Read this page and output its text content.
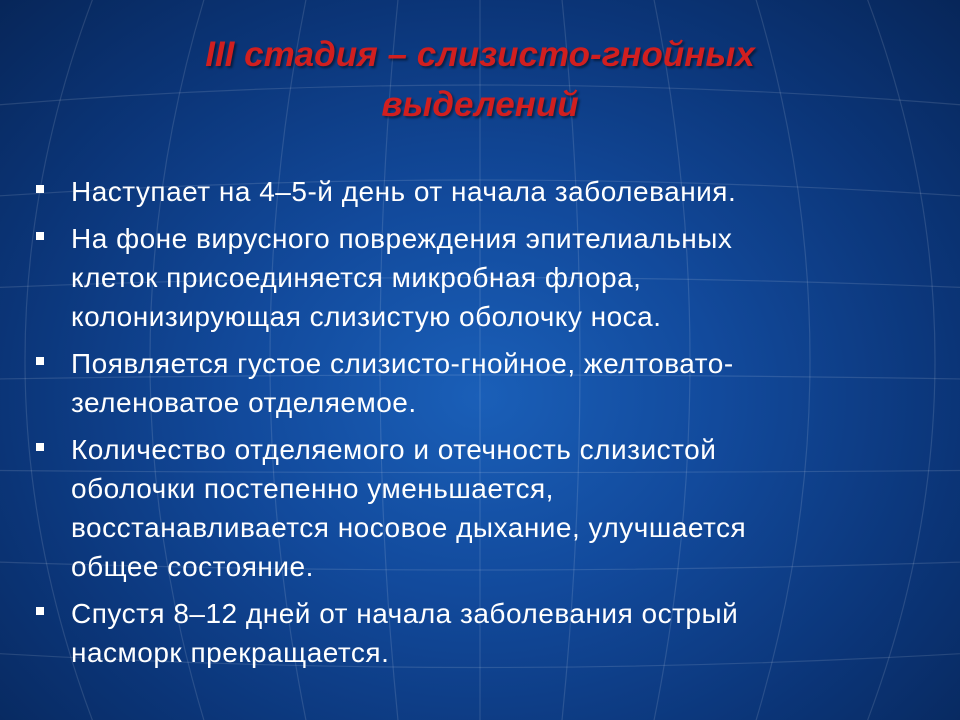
III стадия – слизисто-гнойных
выделений
Наступает на 4–5-й день от начала заболевания.
На фоне вирусного повреждения эпителиальных
клеток присоединяется микробная флора,
колонизирующая слизистую оболочку носа.
Появляется густое слизисто-гнойное, желтовато-
зеленоватое отделяемое.
Количество отделяемого и отечность слизистой
оболочки постепенно уменьшается,
восстанавливается носовое дыхание, улучшается
общее состояние.
Спустя 8–12 дней от начала заболевания острый
насморк прекращается.
